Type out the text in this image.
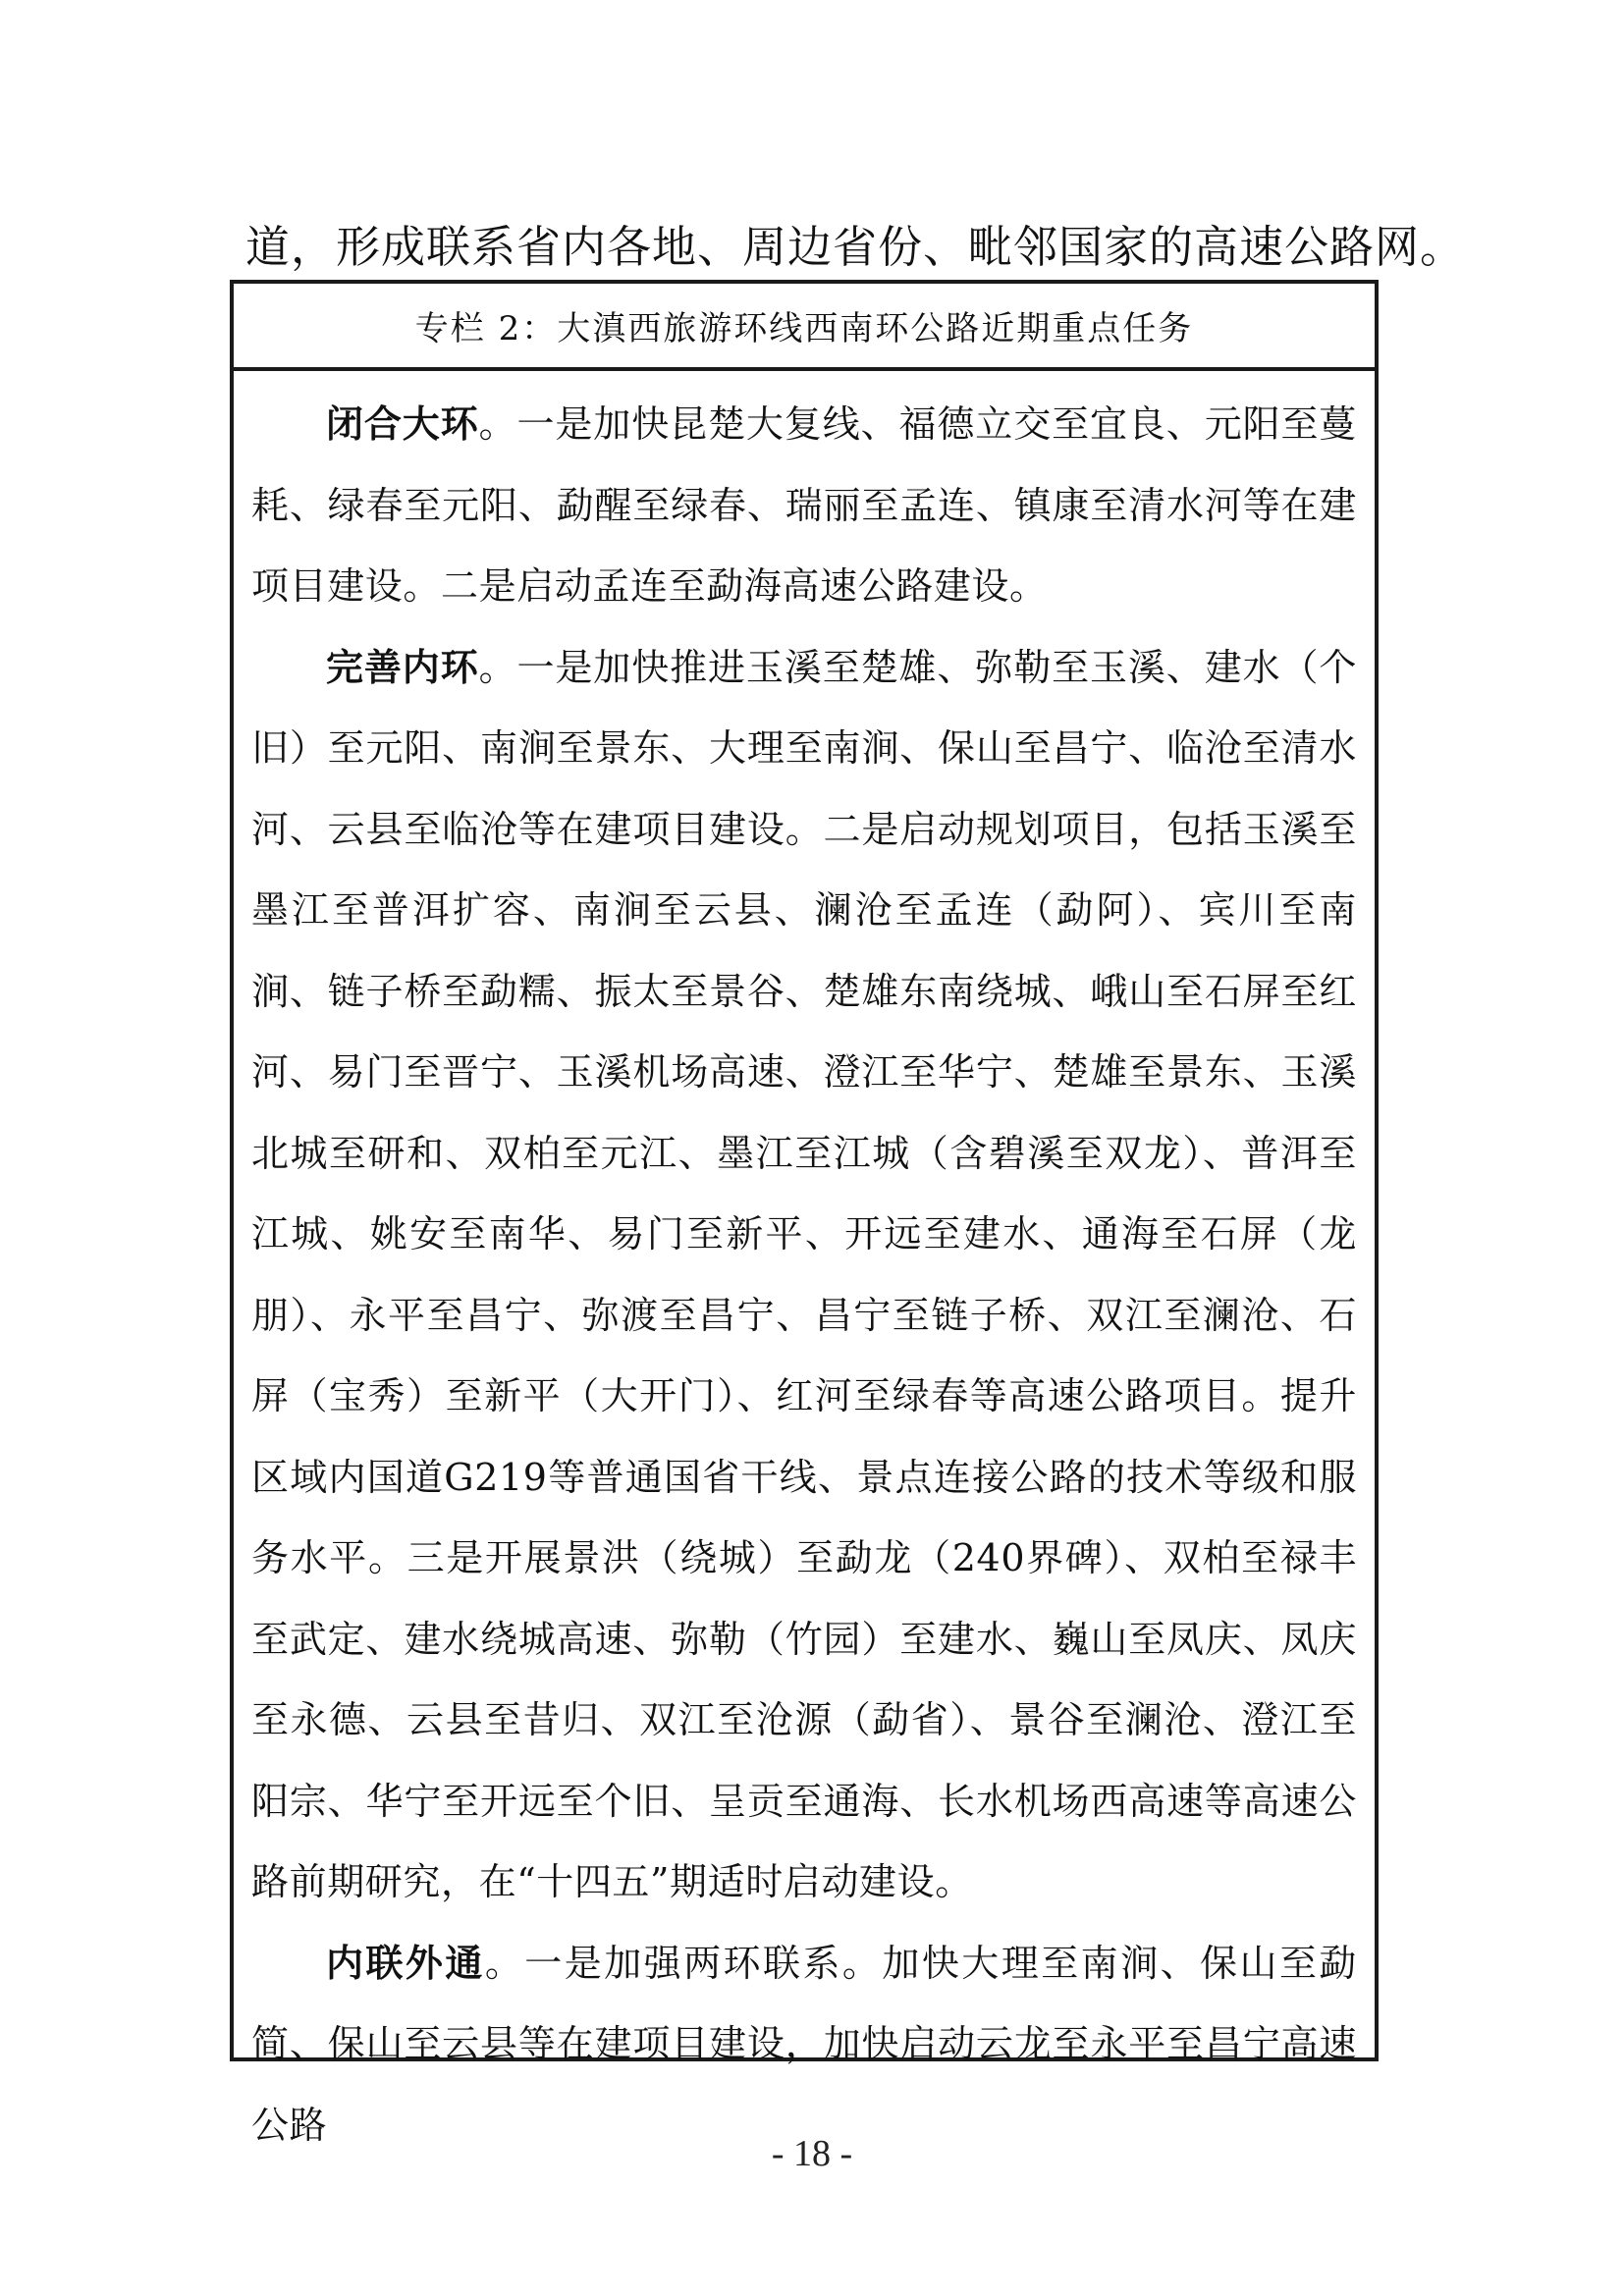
道，形成联系省内各地、周边省份、毗邻国家的高速公路网。
专栏 2：大滇西旅游环线西南环公路近期重点任务

闭合大环。一是加快昆楚大复线、福德立交至宜良、元阳至蔓耗、绿春至元阳、勐醒至绿春、瑞丽至孟连、镇康至清水河等在建项目建设。二是启动孟连至勐海高速公路建设。

完善内环。一是加快推进玉溪至楚雄、弥勒至玉溪、建水（个旧）至元阳、南涧至景东、大理至南涧、保山至昌宁、临沧至清水河、云县至临沧等在建项目建设。二是启动规划项目，包括玉溪至墨江至普洱扩容、南涧至云县、澜沧至孟连（勐阿）、宾川至南涧、链子桥至勐糯、振太至景谷、楚雄东南绕城、峨山至石屏至红河、易门至晋宁、玉溪机场高速、澄江至华宁、楚雄至景东、玉溪北城至研和、双柏至元江、墨江至江城（含碧溪至双龙）、普洱至江城、姚安至南华、易门至新平、开远至建水、通海至石屏（龙朋）、永平至昌宁、弥渡至昌宁、昌宁至链子桥、双江至澜沧、石屏（宝秀）至新平（大开门）、红河至绿春等高速公路项目。提升区域内国道G219等普通国省干线、景点连接公路的技术等级和服务水平。三是开展景洪（绕城）至勐龙（240界碑）、双柏至禄丰至武定、建水绕城高速、弥勒（竹园）至建水、巍山至凤庆、凤庆至永德、云县至昔归、双江至沧源（勐省）、景谷至澜沧、澄江至阳宗、华宁至开远至个旧、呈贡至通海、长水机场西高速等高速公路前期研究，在“十四五”期适时启动建设。

内联外通。一是加强两环联系。加快大理至南涧、保山至勐简、保山至云县等在建项目建设，加快启动云龙至永平至昌宁高速公路

- 18 -
